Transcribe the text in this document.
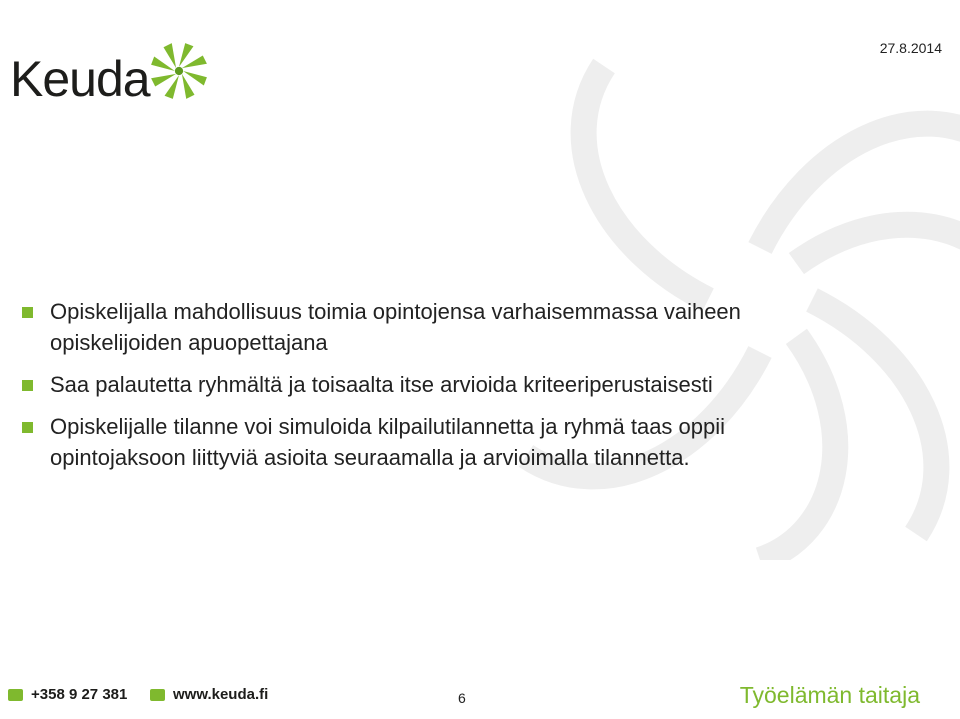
Keuda
27.8.2014
Opiskelijalla mahdollisuus toimia opintojensa varhaisemmassa vaiheen opiskelijoiden apuopettajana
Saa palautetta ryhmältä ja toisaalta itse arvioida kriteeriperustaisesti
Opiskelijalle tilanne voi simuloida kilpailutilannetta ja ryhmä taas oppii opintojaksoon liittyviä asioita seuraamalla ja arvioimalla tilannetta.
+358 9 27 381	www.keuda.fi	6	Työelämän taitaja
